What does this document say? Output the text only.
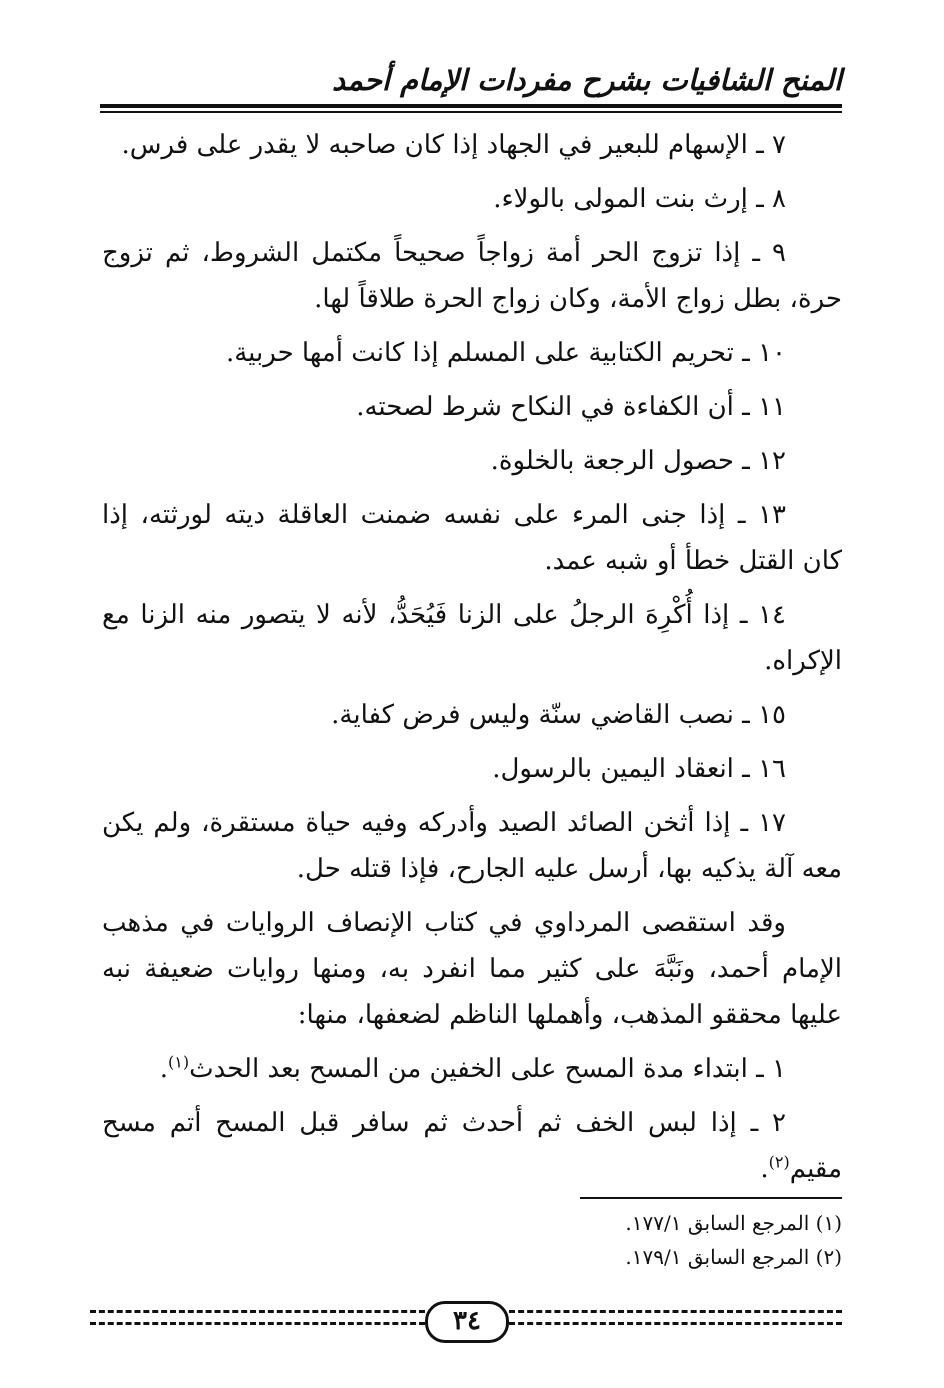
المنح الشافيات بشرح مفردات الإمام أحمد

٧ ـ الإسهام للبعير في الجهاد إذا كان صاحبه لا يقدر على فرس.

٨ ـ إرث بنت المولى بالولاء.

٩ ـ إذا تزوج الحر أمة زواجاً صحيحاً مكتمل الشروط، ثم تزوج حرة، بطل زواج الأمة، وكان زواج الحرة طلاقاً لها.

١٠ ـ تحريم الكتابية على المسلم إذا كانت أمها حربية.

١١ ـ أن الكفاءة في النكاح شرط لصحته.

١٢ ـ حصول الرجعة بالخلوة.

١٣ ـ إذا جنى المرء على نفسه ضمنت العاقلة ديته لورثته، إذا كان القتل خطأ أو شبه عمد.

١٤ ـ إذا أُكْرِهَ الرجلُ على الزنا فَيُحَدُّ، لأنه لا يتصور منه الزنا مع الإكراه.

١٥ ـ نصب القاضي سنّة وليس فرض كفاية.

١٦ ـ انعقاد اليمين بالرسول.

١٧ ـ إذا أثخن الصائد الصيد وأدركه وفيه حياة مستقرة، ولم يكن معه آلة يذكيه بها، أرسل عليه الجارح، فإذا قتله حل.

وقد استقصى المرداوي في كتاب الإنصاف الروايات في مذهب الإمام أحمد، ونَبَّهَ على كثير مما انفرد به، ومنها روايات ضعيفة نبه عليها محققو المذهب، وأهملها الناظم لضعفها، منها:

١ ـ ابتداء مدة المسح على الخفين من المسح بعد الحدث$^{(١)}$.

٢ ـ إذا لبس الخف ثم أحدث ثم سافر قبل المسح أتم مسح مقيم$^{(٢)}$.

(١) المرجع السابق ١٧٧/١.

(٢) المرجع السابق ١٧٩/١.

٣٤
